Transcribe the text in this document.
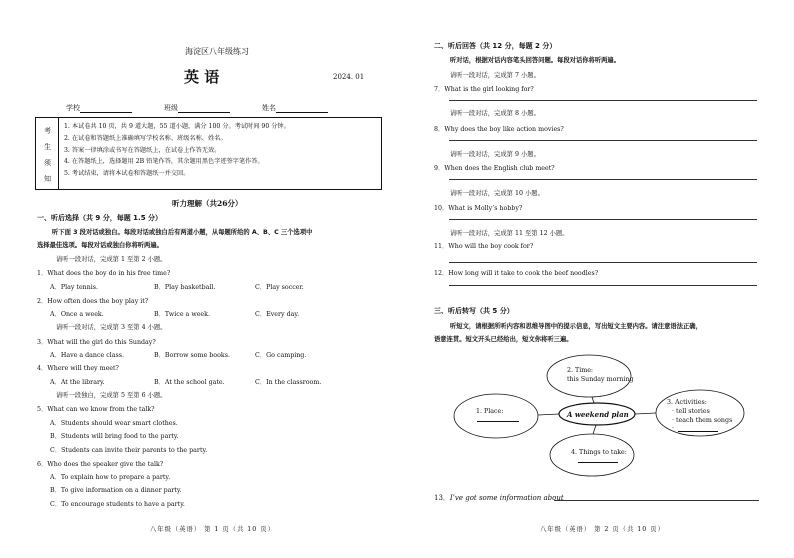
海淀区八年级练习
英 语	2024. 01
学校	班级	姓名
考
生
须
知
1. 本试卷共 10 页，共 9 道大题，55 道小题，满分 100 分。考试时间 90 分钟。
2. 在试卷和答题纸上准确填写学校名称、班级名称、姓名。
3. 答案一律填涂或书写在答题纸上，在试卷上作答无效。
4. 在答题纸上，选择题用 2B 铅笔作答，其余题用黑色字迹签字笔作答。
5. 考试结束，请将本试卷和答题纸一并交回。
听力理解（共26分）
一、听后选择（共 9 分，每题 1.5 分）
听下面 3 段对话或独白。每段对话或独白后有两道小题，从每题所给的 A、B、C 三个选项中
选择最佳选项。每段对话或独白你将听两遍。
请听一段对话，完成第 1 至第 2 小题。
1．What does the boy do in his free time?
A．Play tennis.	B．Play basketball.	C．Play soccer.
2．How often does the boy play it?
A．Once a week.	B．Twice a week.	C．Every day.
请听一段对话，完成第 3 至第 4 小题。
3．What will the girl do this Sunday?
A．Have a dance class.	B．Borrow some books.	C．Go camping.
4．Where will they meet?
A．At the library.	B．At the school gate.	C．In the classroom.
请听一段独白，完成第 5 至第 6 小题。
5．What can we know from the talk?
A．Students should wear smart clothes.
B．Students will bring food to the party.
C．Students can invite their parents to the party.
6．Who does the speaker give the talk?
A．To explain how to prepare a party.
B．To give information on a dinner party.
C．To encourage students to have a party.
八年级（英语） 第 1 页（共 10 页）
二、听后回答（共 12 分，每题 2 分）
听对话，根据对话内容笔头回答问题。每段对话你将听两遍。
请听一段对话，完成第 7 小题。
7．What is the girl looking for?
请听一段对话，完成第 8 小题。
8．Why does the boy like action movies?
请听一段对话，完成第 9 小题。
9．When does the English club meet?
请听一段对话，完成第 10 小题。
10．What is Molly’s hobby?
请听一段对话，完成第 11 至第 12 小题。
11．Who will the boy cook for?
12．How long will it take to cook the beef noodles?
三、听后转写（共 5 分）
听短文，请根据所听内容和思维导图中的提示信息，写出短文主要内容。请注意语法正确，
语意连贯。短文开头已经给出，短文你将听三遍。
A weekend plan
2. Time:
this Sunday morning
1. Place:
3. Activities:
· tell stories
· teach them songs
·
4. Things to take:
13．I’ve got some information about
八年级（英语） 第 2 页（共 10 页）
